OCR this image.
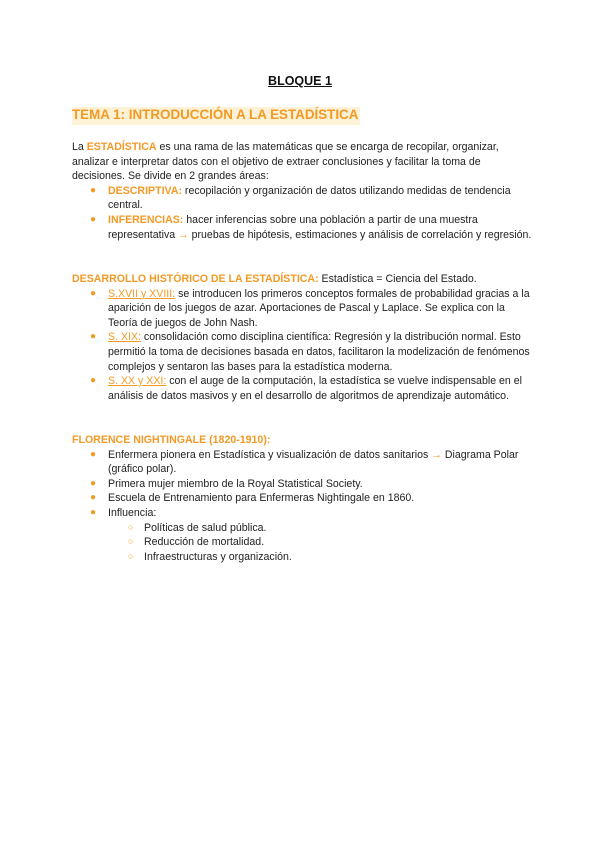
BLOQUE 1
TEMA 1: INTRODUCCIÓN A LA ESTADÍSTICA

La ESTADÍSTICA es una rama de las matemáticas que se encarga de recopilar, organizar, analizar e interpretar datos con el objetivo de extraer conclusiones y facilitar la toma de decisiones. Se divide en 2 grandes áreas:

● DESCRIPTIVA: recopilación y organización de datos utilizando medidas de tendencia central.
● INFERENCIAS: hacer inferencias sobre una población a partir de una muestra representativa → pruebas de hipótesis, estimaciones y análisis de correlación y regresión.

DESARROLLO HISTÓRICO DE LA ESTADÍSTICA: Estadística = Ciencia del Estado.

● S.XVII y XVIII: se introducen los primeros conceptos formales de probabilidad gracias a la aparición de los juegos de azar. Aportaciones de Pascal y Laplace. Se explica con la Teoría de juegos de John Nash.
● S. XIX: consolidación como disciplina científica: Regresión y la distribución normal. Esto permitió la toma de decisiones basada en datos, facilitaron la modelización de fenómenos complejos y sentaron las bases para la estadística moderna.
● S. XX y XXI: con el auge de la computación, la estadística se vuelve indispensable en el análisis de datos masivos y en el desarrollo de algoritmos de aprendizaje automático.

FLORENCE NIGHTINGALE (1820-1910):

● Enfermera pionera en Estadística y visualización de datos sanitarios → Diagrama Polar (gráfico polar).
● Primera mujer miembro de la Royal Statistical Society.
● Escuela de Entrenamiento para Enfermeras Nightingale en 1860.
● Influencia:
○ Políticas de salud pública.
○ Reducción de mortalidad.
○ Infraestructuras y organización.
